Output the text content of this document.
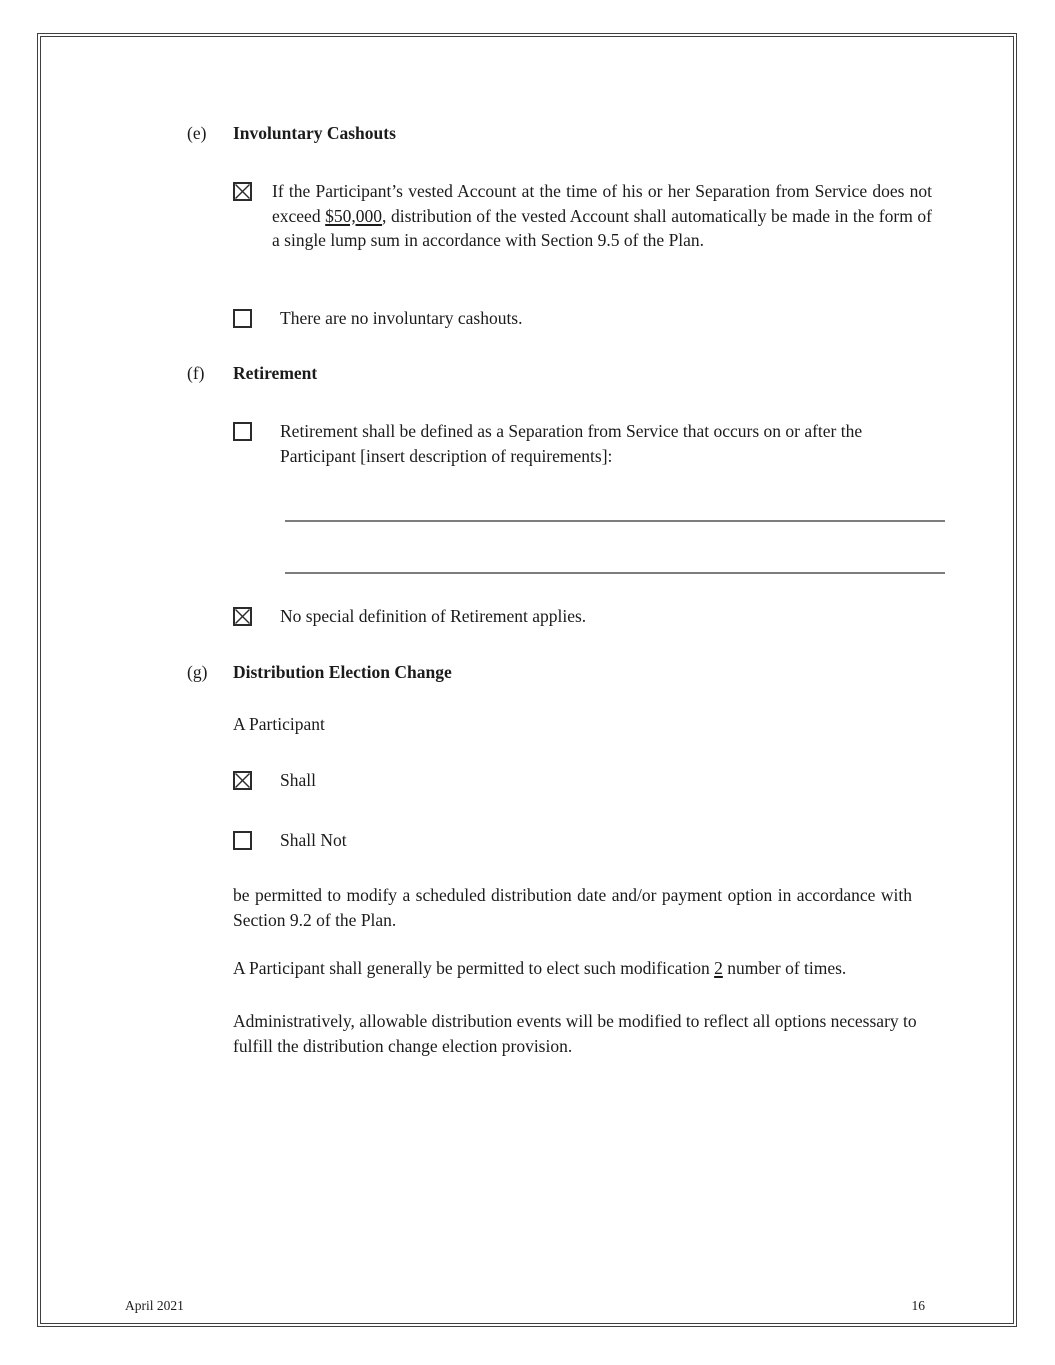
(e)	Involuntary Cashouts

If the Participant’s vested Account at the time of his or her Separation from Service does not exceed $50,000, distribution of the vested Account shall automatically be made in the form of a single lump sum in accordance with Section 9.5 of the Plan.

There are no involuntary cashouts.

(f)	Retirement

Retirement shall be defined as a Separation from Service that occurs on or after the Participant [insert description of requirements]:

No special definition of Retirement applies.

(g)	Distribution Election Change
A Participant

Shall

Shall Not

be permitted to modify a scheduled distribution date and/or payment option in accordance with Section 9.2 of the Plan.
A Participant shall generally be permitted to elect such modification 2 number of times.
Administratively, allowable distribution events will be modified to reflect all options necessary to fulfill the distribution change election provision.
April 2021	16
